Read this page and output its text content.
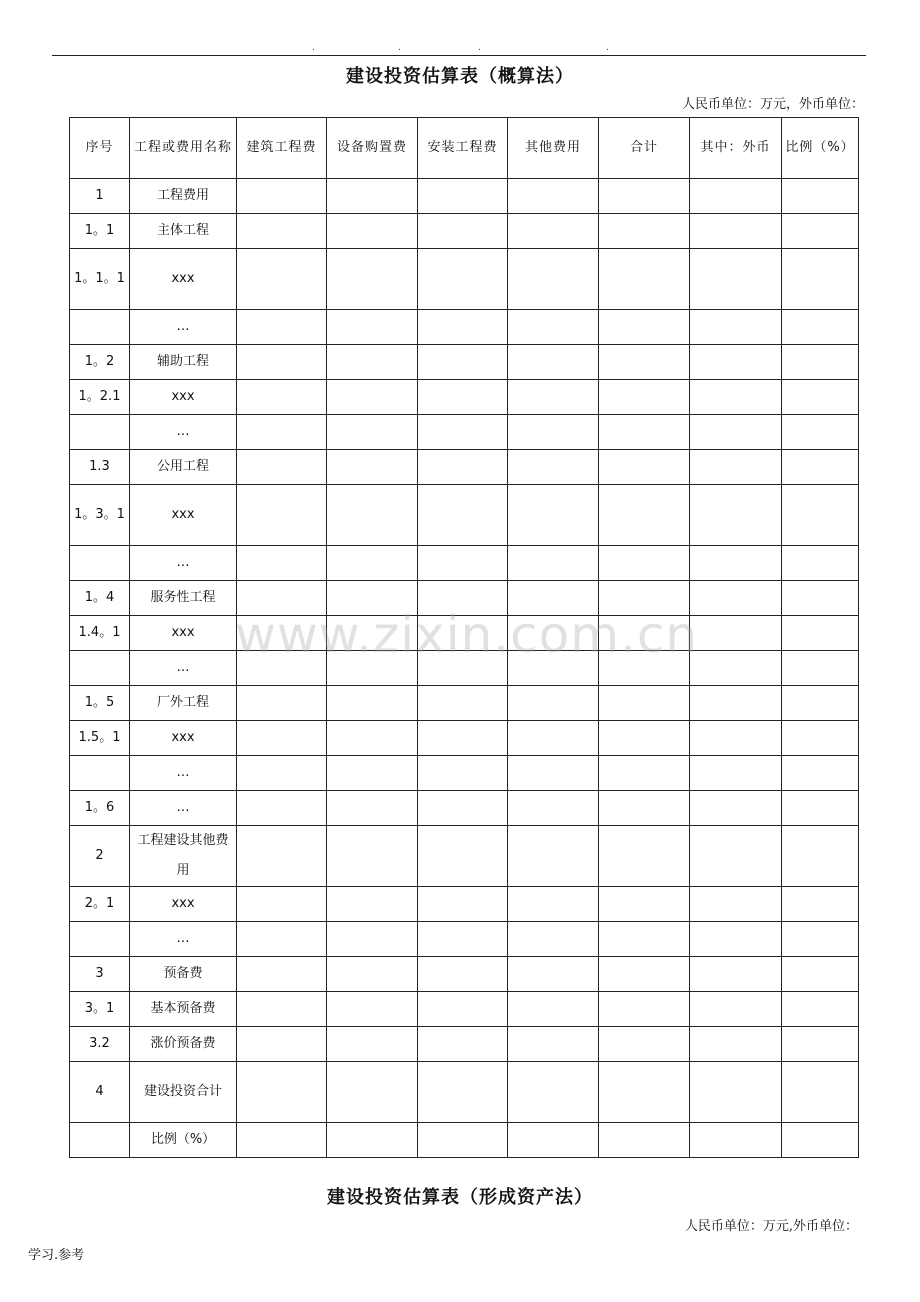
.	.	.	.
建设投资估算表（概算法）
人民币单位：万元，外币单位：
序号	工程或费用名称	建筑工程费	设备购置费	安装工程费	其他费用	合计	其中：外币	比例（%）
1	工程费用							
1。1	主体工程							
1。1。1	xxx							
	…							
1。2	辅助工程							
1。2.1	xxx							
	…							
1.3	公用工程							
1。3。1	xxx							
	…							
1。4	服务性工程							
1.4。1	xxx							
	…							
1。5	厂外工程							
1.5。1	xxx							
	…							
1。6	…							
2	工程建设其他费用							
2。1	xxx							
	…							
3	预备费							
3。1	基本预备费							
3.2	涨价预备费							
4	建设投资合计							
	比例（%）							
www.zixin.com.cn
建设投资估算表（形成资产法）
人民币单位：万元,外币单位：
学习.参考
